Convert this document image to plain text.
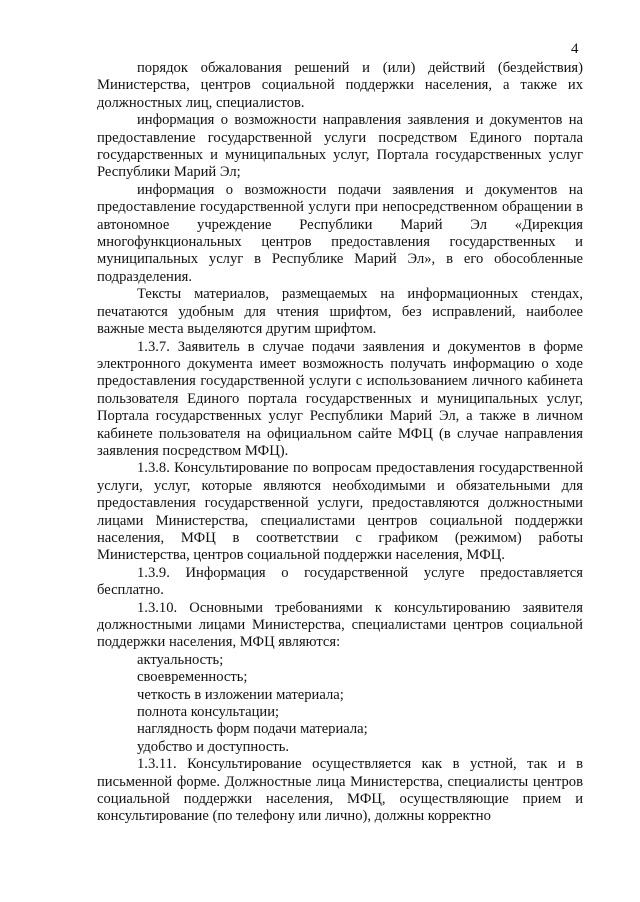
4

порядок обжалования решений и (или) действий (бездействия) Министерства, центров социальной поддержки населения, а также их должностных лиц, специалистов.

информация о возможности направления заявления и документов на предоставление государственной услуги посредством Единого портала государственных и муниципальных услуг, Портала государственных услуг Республики Марий Эл;

информация о возможности подачи заявления и документов на предоставление государственной услуги при непосредственном обращении в автономное учреждение Республики Марий Эл «Дирекция многофункциональных центров предоставления государственных и муниципальных услуг в Республике Марий Эл», в его обособленные подразделения.

Тексты материалов, размещаемых на информационных стендах, печатаются удобным для чтения шрифтом, без исправлений, наиболее важные места выделяются другим шрифтом.

1.3.7. Заявитель в случае подачи заявления и документов в форме электронного документа имеет возможность получать информацию о ходе предоставления государственной услуги с использованием личного кабинета пользователя Единого портала государственных и муниципальных услуг, Портала государственных услуг Республики Марий Эл, а также в личном кабинете пользователя на официальном сайте МФЦ (в случае направления заявления посредством МФЦ).

1.3.8. Консультирование по вопросам предоставления государственной услуги, услуг, которые являются необходимыми и обязательными для предоставления государственной услуги, предоставляются должностными лицами Министерства, специалистами центров социальной поддержки населения, МФЦ в соответствии с графиком (режимом) работы Министерства, центров социальной поддержки населения, МФЦ.

1.3.9. Информация о государственной услуге предоставляется бесплатно.

1.3.10. Основными требованиями к консультированию заявителя должностными лицами Министерства, специалистами центров социальной поддержки населения, МФЦ являются:

актуальность;

своевременность;

четкость в изложении материала;

полнота консультации;

наглядность форм подачи материала;

удобство и доступность.

1.3.11. Консультирование осуществляется как в устной, так и в письменной форме. Должностные лица Министерства, специалисты центров социальной поддержки населения, МФЦ, осуществляющие прием и консультирование (по телефону или лично), должны корректно
